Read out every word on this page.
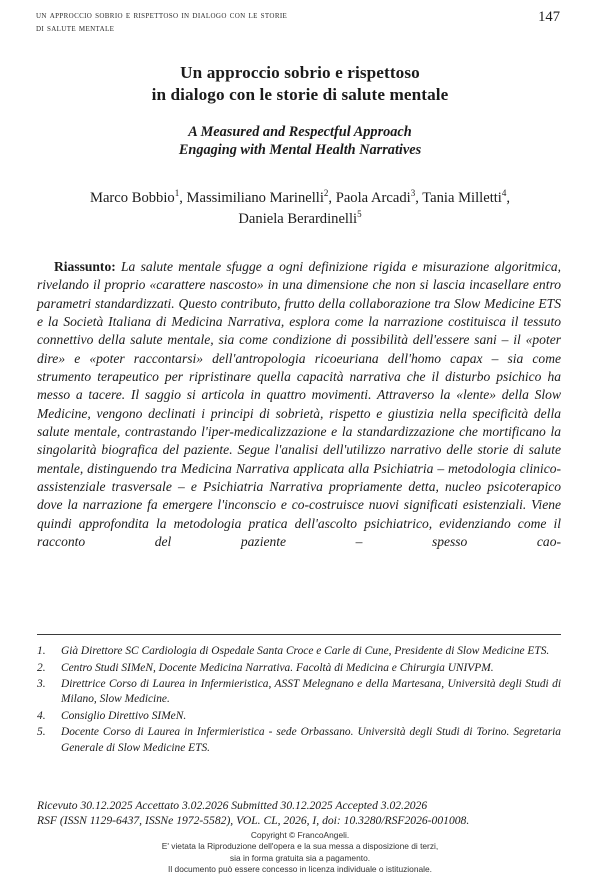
un approccio sobrio e rispettoso in dialogo con le storie
di salute mentale
147
Un approccio sobrio e rispettoso
in dialogo con le storie di salute mentale
A Measured and Respectful Approach
Engaging with Mental Health Narratives
Marco Bobbio$^1$, Massimiliano Marinelli$^2$, Paola Arcadi$^3$, Tania Milletti$^4$,
Daniela Berardinelli$^5$

Riassunto: La salute mentale sfugge a ogni definizione rigida e misurazione algoritmica, rivelando il proprio «carattere nascosto» in una dimensione che non si lascia incasellare entro parametri standardizzati. Questo contributo, frutto della collaborazione tra Slow Medicine ETS e la Società Italiana di Medicina Narrativa, esplora come la narrazione costituisca il tessuto connettivo della salute mentale, sia come condizione di possibilità dell'essere sani – il «poter dire» e «poter raccontarsi» dell'antropologia ricoeuriana dell'homo capax – sia come strumento terapeutico per ripristinare quella capacità narrativa che il disturbo psichico ha messo a tacere. Il saggio si articola in quattro movimenti. Attraverso la «lente» della Slow Medicine, vengono declinati i principi di sobrietà, rispetto e giustizia nella specificità della salute mentale, contrastando l'iper-medicalizzazione e la standardizzazione che mortificano la singolarità biografica del paziente. Segue l'analisi dell'utilizzo narrativo delle storie di salute mentale, distinguendo tra Medicina Narrativa applicata alla Psichiatria – metodologia clinico-assistenziale trasversale – e Psichiatria Narrativa propriamente detta, nucleo psicoterapico dove la narrazione fa emergere l'inconscio e co-costruisce nuovi significati esistenziali. Viene quindi approfondita la metodologia pratica dell'ascolto psichiatrico, evidenziando come il racconto del paziente – spesso cao-

1.	Già Direttore SC Cardiologia di Ospedale Santa Croce e Carle di Cune, Presidente di Slow Medicine ETS.
2.	Centro Studi SIMeN, Docente Medicina Narrativa. Facoltà di Medicina e Chirurgia UNIVPM.
3.	Direttrice Corso di Laurea in Infermieristica, ASST Melegnano e della Martesana, Università degli Studi di Milano, Slow Medicine.
4.	Consiglio Direttivo SIMeN.
5.	Docente Corso di Laurea in Infermieristica - sede Orbassano. Università degli Studi di Torino. Segretaria Generale di Slow Medicine ETS.
Ricevuto 30.12.2025 Accettato 3.02.2026 Submitted 30.12.2025 Accepted 3.02.2026
RSF (ISSN 1129-6437, ISSNe 1972-5582), VOL. CL, 2026, I, doi: 10.3280/RSF2026-001008.
Copyright © FrancoAngeli.
E' vietata la Riproduzione dell'opera e la sua messa a disposizione di terzi,
sia in forma gratuita sia a pagamento.
Il documento può essere concesso in licenza individuale o istituzionale.
